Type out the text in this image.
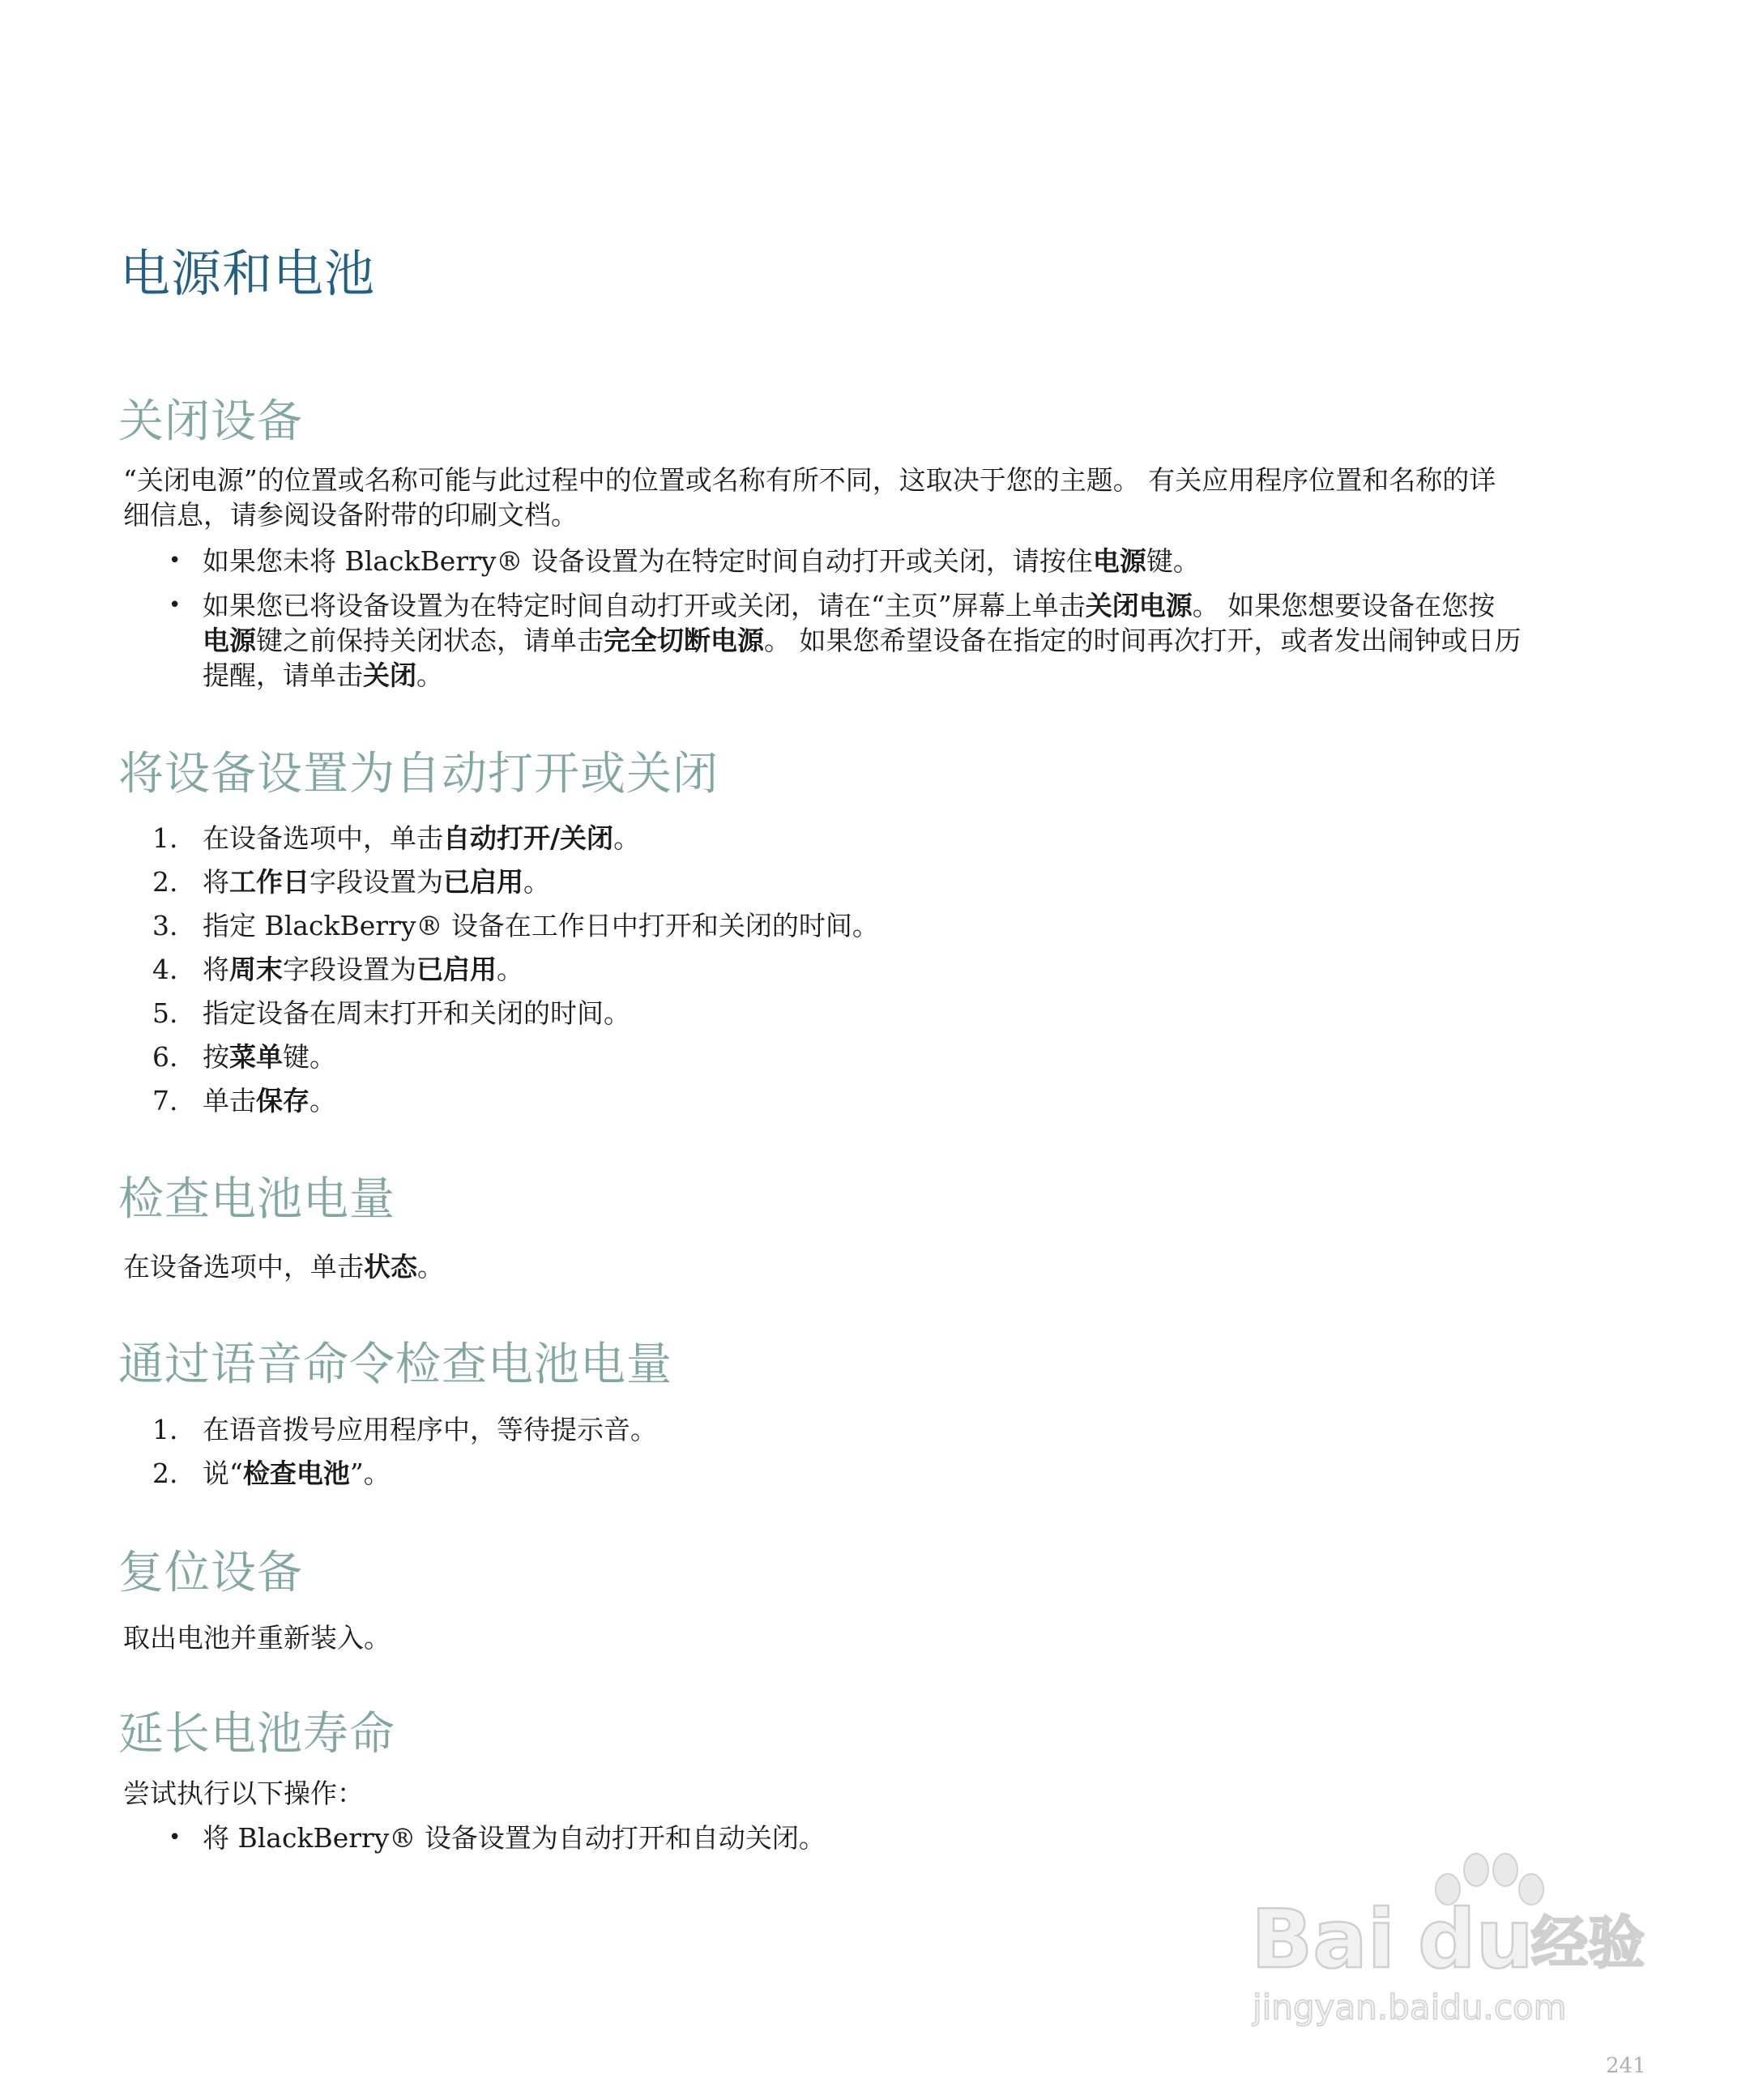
电源和电池
关闭设备

“关闭电源”的位置或名称可能与此过程中的位置或名称有所不同，这取决于您的主题。 有关应用程序位置和名称的详

细信息，请参阅设备附带的印刷文档。

• 如果您未将 BlackBerry® 设备设置为在特定时间自动打开或关闭，请按住电源键。

• 如果您已将设备设置为在特定时间自动打开或关闭，请在“主页”屏幕上单击关闭电源。 如果您想要设备在您按

电源键之前保持关闭状态，请单击完全切断电源。 如果您希望设备在指定的时间再次打开，或者发出闹钟或日历

提醒，请单击关闭。

将设备设置为自动打开或关闭
1. 在设备选项中，单击自动打开/关闭。

2. 将工作日字段设置为已启用。

3. 指定 BlackBerry® 设备在工作日中打开和关闭的时间。

4. 将周末字段设置为已启用。

5. 指定设备在周末打开和关闭的时间。

6. 按菜单键。

7. 单击保存。

检查电池电量

在设备选项中，单击状态。

通过语音命令检查电池电量
1. 在语音拨号应用程序中，等待提示音。

2. 说“检查电池”。

复位设备

取出电池并重新装入。

延长电池寿命

尝试执行以下操作：

• 将 BlackBerry® 设备设置为自动打开和自动关闭。

Bai du
经验
jingyan.baidu.com
241
